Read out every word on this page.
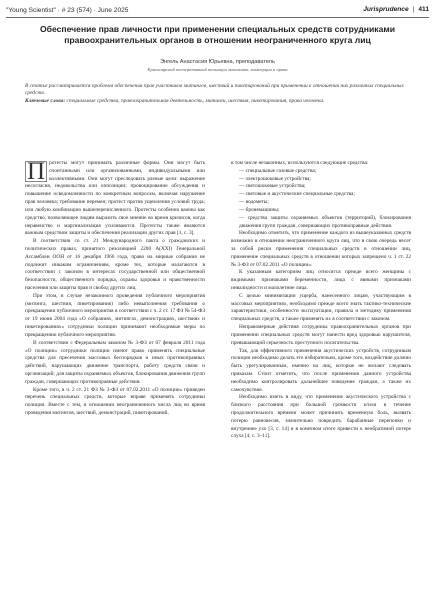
"Young Scientist" · # 23 (574) · June 2025	Jurisprudence | 411
Обеспечение прав личности при применении специальных средств сотрудниками правоохранительных органов в отношении неограниченного круга лиц
Энгель Анастасия Юрьевна, преподаватель
Красноярский кооперативный техникум экономики, коммерции и права

В статье рассматривается проблема обеспечения прав участников митингов, шествий и пикетирований при применении в отношении них различных специальных средств.

Ключевые слова: специальные средства, правоохранительная деятельность, митинги, шествия, пикетирования, права человека.

П ротесты могут принимать различные формы. Они могут быть спонтанными или организованными, индивидуальными или коллективными. Они могут преследовать разные цели: выражение несогласия, недовольства или оппозиции; провоцирование обсуждения и повышение осведомленности по конкретным вопросам, включая нарушение прав человека; требование перемен; протест против ущемления условий труда; или любую комбинацию вышеперечисленного. Протесты особенно важны как средство, позволяющее людям выразить свое мнение во время кризисов, когда неравенство и маргинализация усиливаются. Протесты также являются важным средством защиты и обеспечения реализации других прав [1, с. 3].

В соответствии со ст. 21 Международного пакта о гражданских и политических правах, принятого резолюцией 2200 А(XXI) Генеральной Ассамблеи ООН от 16 декабря 1966 года, право на мирные собрания не подлежит никаким ограничениям, кроме тех, которые налагаются в соответствии с законом в интересах государственной или общественной безопасности, общественного порядка, охраны здоровья и нравственности населения или защиты прав и свобод других лиц.

При этом, в случае незаконного проведения публичного мероприятия (митинга, шествия, пикетирования) либо невыполнения требования о прекращении публичного мероприятия в соответствии с ч. 2 ст. 17 ФЗ № 54-ФЗ от 19 июня 2004 года «О собраниях, митингах, демонстрациях, шествиях и пикетированиях» сотрудники полиции принимают необходимые меры по прекращению публичного мероприятия.

В соответствии с Федеральным законом № 3-ФЗ от 07 февраля 2011 года «О полиции» сотрудники полиции имеют право применять специальные средства для пресечения массовых беспорядков и иных противоправных действий, нарушающих движение транспорта, работу средств связи и организаций; для защиты охраняемых объектов, блокирования движения групп граждан, совершающих противоправные действия.

Кроме того, в ч. 2 ст. 21 ФЗ № 3-ФЗ от 07.02.2011 «О полиции» приведен перечень специальных средств, которые вправе применять сотрудники полиции. Вместе с тем, в отношении неограниченного числа лиц во время проведения митингов, шествий, демонстраций, пикетирований,

в том числе незаконных, используются следующие средства:

— специальные газовые средства;

— электрошоковые устройства;

— светошоковые устройства;

— световые и акустические специальные средства;

— водометы;

— бронемашины;

— средства защиты охраняемых объектов (территорий), блокирования движения групп граждан, совершающих противоправные действия.

Необходимо отметить, что применение каждого из вышеуказанных средств возможно в отношении неограниченного круга лиц, что в свою очередь несет за собой риски применения специальных средств в отношении лиц, применение специальных средств в отношении которых запрещено ч. 1 ст. 22 № 3-ФЗ от 07.02.2011 «О полиции».

К указанным категориям лиц относятся прежде всего женщины с видимыми признаками беременности, лица с явными признаками инвалидности и малолетние лица.

С целью минимизации ущерба, нанесенного лицам, участвующим в массовых мероприятиях, необходимо прежде всего знать тактико-технические характеристики, особенности эксплуатации, правила и методику применения специальных средств, а также применять их в соответствии с законом.

Неправомерные действия сотрудника правоохранительных органов при применении специальных средств могут нанести вред здоровью нарушителя, превышающий серьезность преступного посягательства.

Так, для эффективного применения акустических устройств, сотрудникам полиции необходимо делать это избирательно, кроме того, воздействие должно быть урегулированным, именно на лиц, которые не желают следовать приказам. Стоит отметить, что после применения данного устройства необходимо контролировать дальнейшее поведение граждан, а также их самочувствие.

Необходимо иметь в виду, что применение акустического устройства с близкого расстояния при большой громкости и/или в течение продолжительного времени может причинить временную боль, вызвать потерю равновесия, значительно повредить барабанные перепонки и внутреннее ухо [3, с. 14] и в конечном итоге привести к необратимой потере слуха [4, с. 3–11].
